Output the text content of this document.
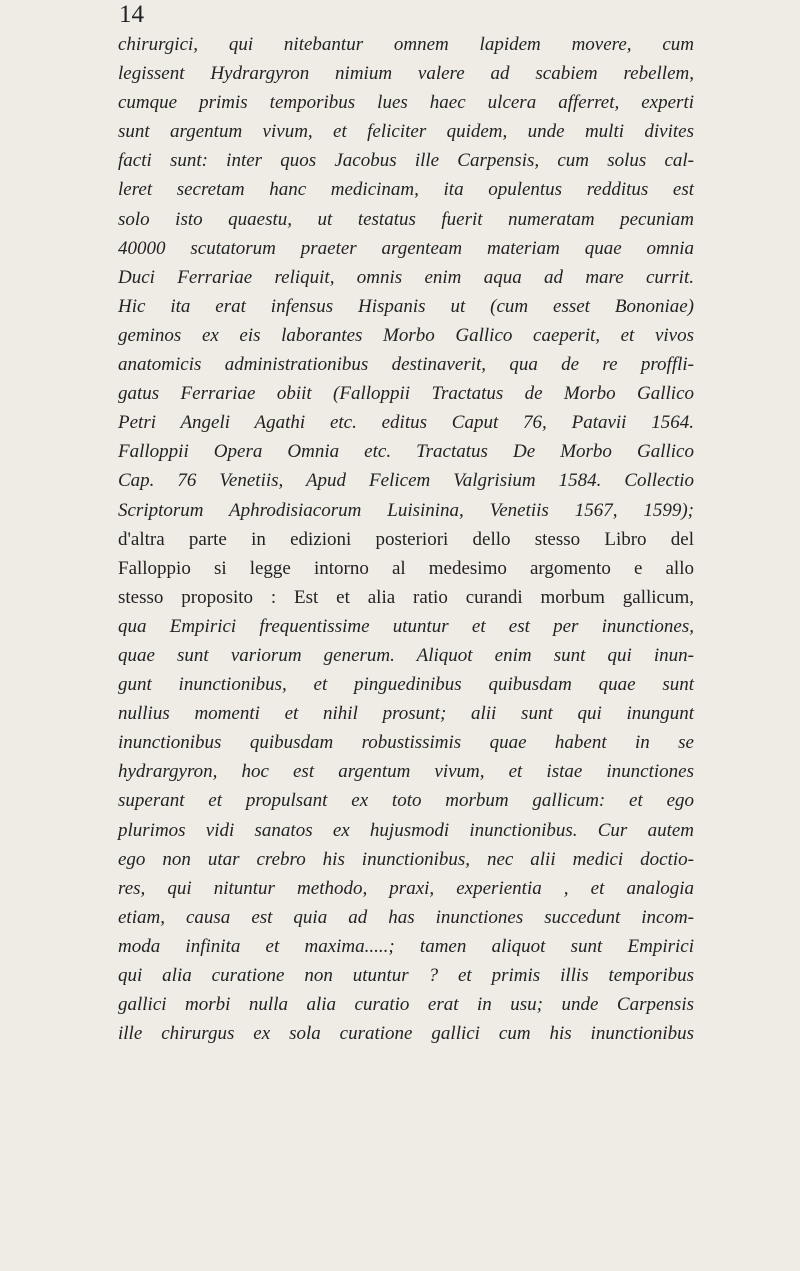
14
chirurgici, qui nitebantur omnem lapidem movere, cum
legissent Hydrargyron nimium valere ad scabiem rebellem,
cumque primis temporibus lues haec ulcera afferret, experti
sunt argentum vivum, et feliciter quidem, unde multi divites
facti sunt: inter quos Jacobus ille Carpensis, cum solus cal-
leret secretam hanc medicinam, ita opulentus redditus est
solo isto quaestu, ut testatus fuerit numeratam pecuniam
40000 scutatorum praeter argenteam materiam quae omnia
Duci Ferrariae reliquit, omnis enim aqua ad mare currit.
Hic ita erat infensus Hispanis ut (cum esset Bononiae)
geminos ex eis laborantes Morbo Gallico caeperit, et vivos
anatomicis administrationibus destinaverit, qua de re proffli-
gatus Ferrariae obiit (Falloppii Tractatus de Morbo Gallico
Petri Angeli Agathi etc. editus Caput 76, Patavii 1564.
Falloppii Opera Omnia etc. Tractatus De Morbo Gallico
Cap. 76 Venetiis, Apud Felicem Valgrisium 1584. Collectio
Scriptorum Aphrodisiacorum Luisinina, Venetiis 1567, 1599);
d'altra parte in edizioni posteriori dello stesso Libro del
Falloppio si legge intorno al medesimo argomento e allo
stesso proposito : Est et alia ratio curandi morbum gallicum,
qua Empirici frequentissime utuntur et est per inunctiones,
quae sunt variorum generum. Aliquot enim sunt qui inun-
gunt inunctionibus, et pinguedinibus quibusdam quae sunt
nullius momenti et nihil prosunt; alii sunt qui inungunt
inunctionibus quibusdam robustissimis quae habent in se
hydrargyron, hoc est argentum vivum, et istae inunctiones
superant et propulsant ex toto morbum gallicum: et ego
plurimos vidi sanatos ex hujusmodi inunctionibus. Cur autem
ego non utar crebro his inunctionibus, nec alii medici doctio-
res, qui nituntur methodo, praxi, experientia , et analogia
etiam, causa est quia ad has inunctiones succedunt incom-
moda infinita et maxima.....; tamen aliquot sunt Empirici
qui alia curatione non utuntur ? et primis illis temporibus
gallici morbi nulla alia curatio erat in usu; unde Carpensis
ille chirurgus ex sola curatione gallici cum his inunctionibus
